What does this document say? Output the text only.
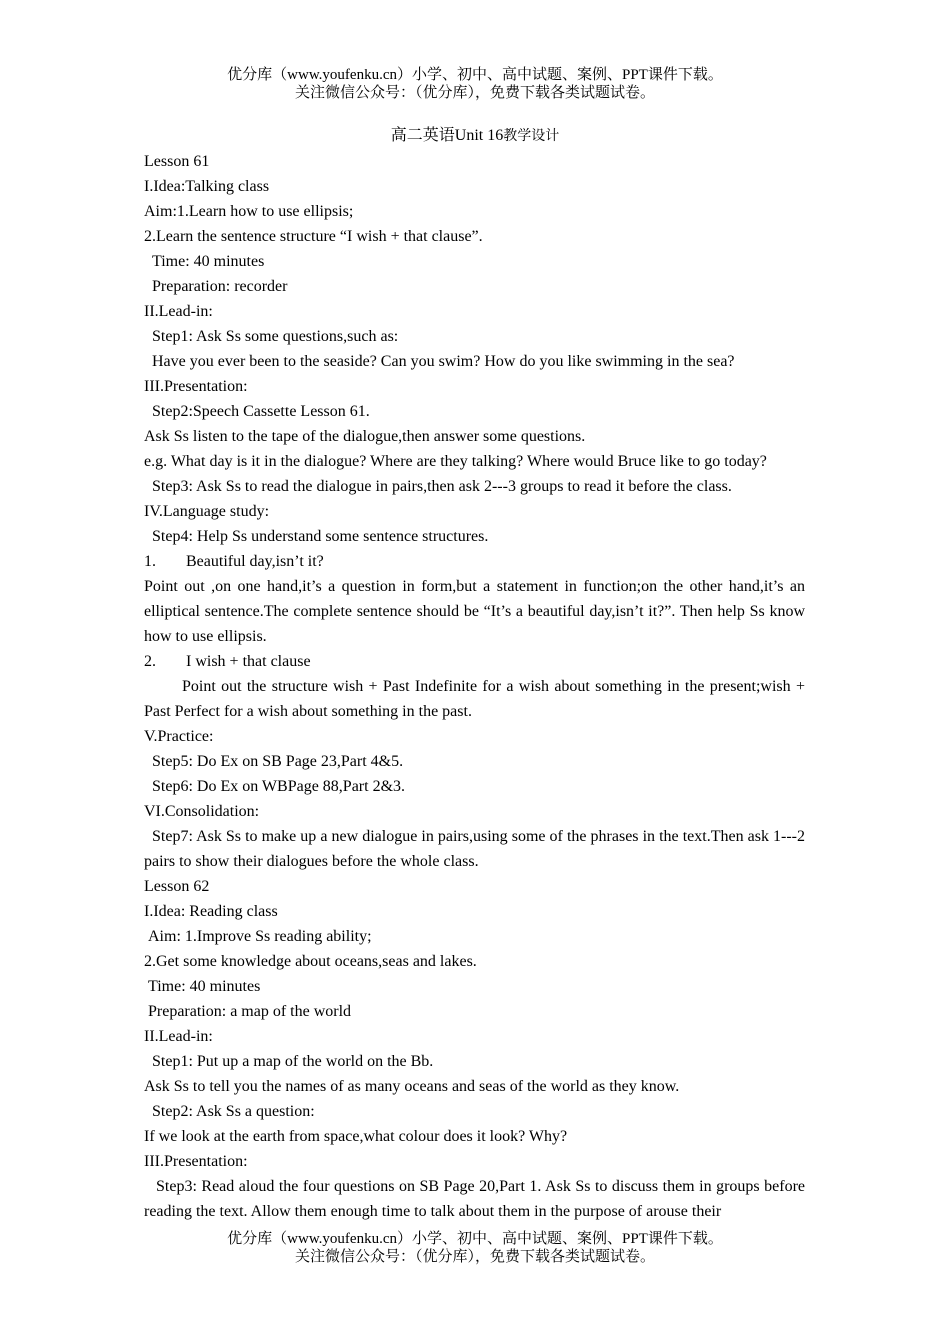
优分库（www.youfenku.cn）小学、初中、高中试题、案例、PPT课件下载。
关注微信公众号：（优分库），免费下载各类试题试卷。
高二英语Unit 16教学设计

Lesson 61

I.Idea:Talking class

Aim:1.Learn how to use ellipsis;

2.Learn the sentence structure “I wish + that clause”.

Time: 40 minutes

Preparation: recorder

II.Lead-in:

Step1: Ask Ss some questions,such as:

Have you ever been to the seaside? Can you swim? How do you like swimming in the sea?

III.Presentation:

Step2:Speech Cassette Lesson 61.

Ask Ss listen to the tape of the dialogue,then answer some questions.

e.g. What day is it in the dialogue? Where are they talking? Where would Bruce like to go today?

Step3: Ask Ss to read the dialogue in pairs,then ask 2---3 groups to read it before the class.

IV.Language study:

Step4: Help Ss understand some sentence structures.

1. Beautiful day,isn’t it?

Point out ,on one hand,it’s a question in form,but a statement in function;on the other hand,it’s an elliptical sentence.The complete sentence should be “It’s a beautiful day,isn’t it?”. Then help Ss know how to use ellipsis.

2. I wish + that clause

Point out the structure wish + Past Indefinite for a wish about something in the present;wish + Past Perfect for a wish about something in the past.

V.Practice:

Step5: Do Ex on SB Page 23,Part 4&5.

Step6: Do Ex on WBPage 88,Part 2&3.

VI.Consolidation:

Step7: Ask Ss to make up a new dialogue in pairs,using some of the phrases in the text.Then ask 1---2 pairs to show their dialogues before the whole class.

Lesson 62

I.Idea: Reading class

Aim: 1.Improve Ss reading ability;

2.Get some knowledge about oceans,seas and lakes.

Time: 40 minutes

Preparation: a map of the world

II.Lead-in:

Step1: Put up a map of the world on the Bb.

Ask Ss to tell you the names of as many oceans and seas of the world as they know.

Step2: Ask Ss a question:

If we look at the earth from space,what colour does it look? Why?

III.Presentation:

Step3: Read aloud the four questions on SB Page 20,Part 1. Ask Ss to discuss them in groups before reading the text. Allow them enough time to talk about them in the purpose of arouse their

优分库（www.youfenku.cn）小学、初中、高中试题、案例、PPT课件下载。
关注微信公众号：（优分库），免费下载各类试题试卷。
